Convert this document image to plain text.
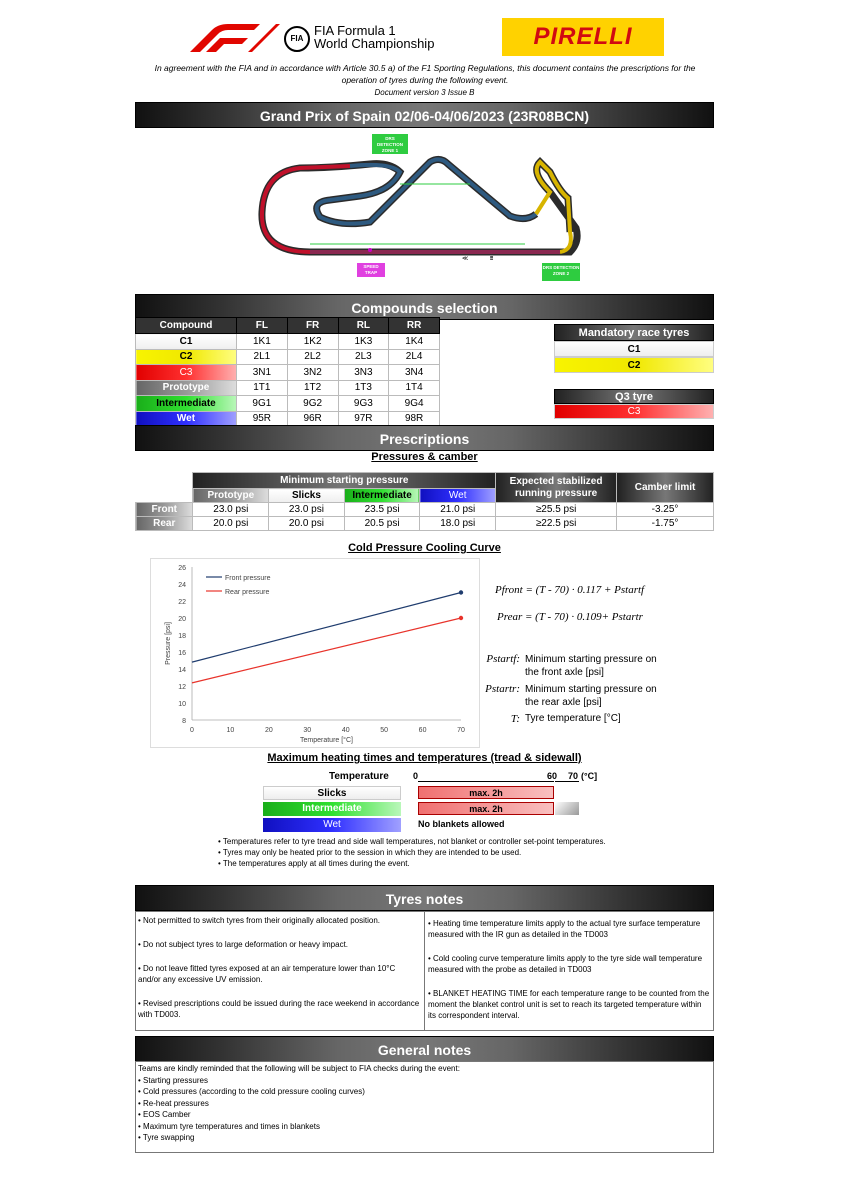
FIA
FIA Formula 1
World Championship	PIRELLI
In agreement with the FIA and in accordance with Article 30.5 a) of the F1 Sporting Regulations, this document contains the prescriptions for the operation of tyres during the following event.
Document version 3 Issue B
Grand Prix of Spain 02/06-04/06/2023 (23R08BCN)
≪	⩩
DRS DETECTION ZONE 1
DRS DETECTION ZONE 2
SPEED TRAP
Compounds selection
Compound	FL	FR	RL	RR
C1	1K1	1K2	1K3	1K4
C2	2L1	2L2	2L3	2L4
C3	3N1	3N2	3N3	3N4
Prototype	1T1	1T2	1T3	1T4
Intermediate	9G1	9G2	9G3	9G4
Wet	95R	96R	97R	98R
Mandatory race tyres
C1
C2
Q3 tyre
C3
Prescriptions
Pressures & camber
	Minimum starting pressure				Expected stabilized running pressure	Camber limit
	Prototype	Slicks	Intermediate	Wet		
Front	23.0 psi	23.0 psi	23.5 psi	21.0 psi	≥25.5 psi	-3.25°
Rear	20.0 psi	20.0 psi	20.5 psi	18.0 psi	≥22.5 psi	-1.75°
Cold Pressure Cooling Curve
8
10
12
14
16
18
20
22
24
26
0	10	20	30	40	50	60	70
Temperature [°C]
Pressure [psi]
Front pressure
Rear pressure	Pfront = (T - 70) · 0.117 + Pstartf
Prear = (T - 70) · 0.109+ Pstartr
Pstartf: Minimum starting pressure on the front axle [psi]
Pstartr: Minimum starting pressure on the rear axle [psi]
T: Tyre temperature [°C]
Maximum heating times and temperatures (tread & sidewall)
Temperature	0	60 70 (°C]
Slicks	max. 2h
Intermediate	max. 2h
Wet	No blankets allowed
• Temperatures refer to tyre tread and side wall temperatures, not blanket or controller set-point temperatures.
• Tyres may only be heated prior to the session in which they are intended to be used.
• The temperatures apply at all times during the event.
Tyres notes
• Not permitted to switch tyres from their originally allocated position.
• Do not subject tyres to large deformation or heavy impact.
• Do not leave fitted tyres exposed at an air temperature lower than 10°C and/or any excessive UV emission.
• Revised prescriptions could be issued during the race weekend in accordance with TD003.
• Heating time temperature limits apply to the actual tyre surface temperature measured with the IR gun as detailed in the TD003
• Cold cooling curve temperature limits apply to the tyre side wall temperature measured with the probe as detailed in TD003
• BLANKET HEATING TIME for each temperature range to be counted from the moment the blanket control unit is set to reach its targeted temperature within its correspondent interval.
General notes
Teams are kindly reminded that the following will be subject to FIA checks during the event:
• Starting pressures
• Cold pressures (according to the cold pressure cooling curves)
• Re-heat pressures
• EOS Camber
• Maximum tyre temperatures and times in blankets
• Tyre swapping
